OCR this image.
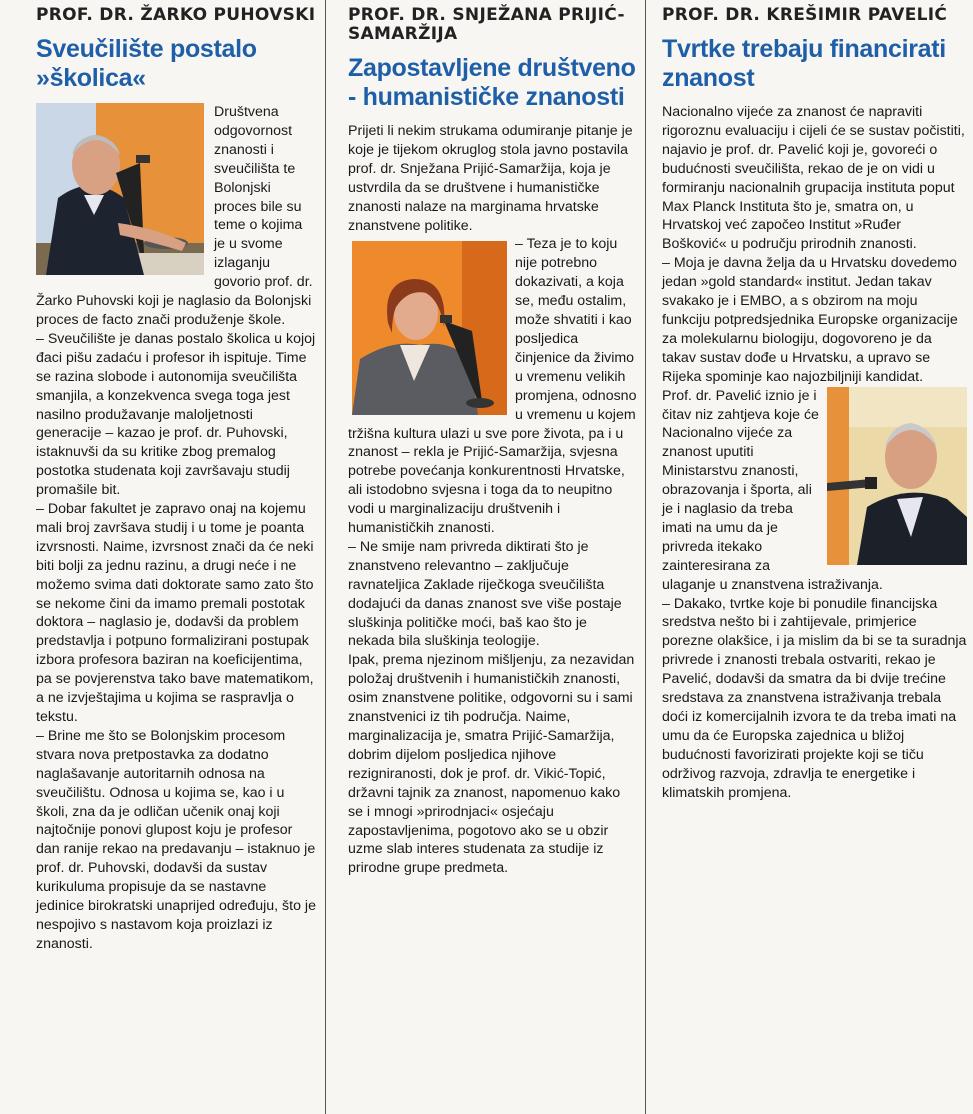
PROF. DR. ŽARKO PUHOVSKI
Sveučilište postalo »školica«

Društvena odgovornost znanosti i sveučilišta te Bolonjski proces bile su teme o kojima je u svome izlaganju govorio prof. dr. Žarko Puhovski koji je naglasio da Bolonjski proces de facto znači produženje škole.

– Sveučilište je danas postalo školica u kojoj đaci pišu zadaću i profesor ih ispituje. Time se razina slobode i autonomija sveučilišta smanjila, a konzekvenca svega toga jest nasilno produžavanje maloljetnosti generacije – kazao je prof. dr. Puhovski, istaknuvši da su kritike zbog premalog postotka studenata koji završavaju studij promašile bit.

– Dobar fakultet je zapravo onaj na kojemu mali broj završava studij i u tome je poanta izvrsnosti. Naime, izvrsnost znači da će neki biti bolji za jednu razinu, a drugi neće i ne možemo svima dati doktorate samo zato što se nekome čini da imamo premali postotak doktora – naglasio je, dodavši da problem predstavlja i potpuno formalizirani postupak izbora profesora baziran na koeficijentima, pa se povjerenstva tako bave matematikom, a ne izvještajima u kojima se raspravlja o tekstu.

– Brine me što se Bolonjskim procesom stvara nova pretpostavka za dodatno naglašavanje autoritarnih odnosa na sveučilištu. Odnosa u kojima se, kao i u školi, zna da je odličan učenik onaj koji najtočnije ponovi glupost koju je profesor dan ranije rekao na predavanju – istaknuo je prof. dr. Puhovski, dodavši da sustav kurikuluma propisuje da se nastavne jedinice birokratski unaprijed određuju, što je nespojivo s nastavom koja proizlazi iz znanosti.

PROF. DR. SNJEŽANA PRIJIĆ-SAMARŽIJA
Zapostavljene društveno - humanističke znanosti

Prijeti li nekim strukama odumiranje pitanje je koje je tijekom okruglog stola javno postavila prof. dr. Snježana Prijić-Samaržija, koja je ustvrdila da se društvene i humanističke znanosti nalaze na marginama hrvatske znanstvene politike.

– Teza je to koju nije potrebno dokazivati, a koja se, među ostalim, može shvatiti i kao posljedica činjenice da živimo u vremenu velikih promjena, odnosno u vremenu u kojem tržišna kultura ulazi u sve pore života, pa i u znanost – rekla je Prijić-Samaržija, svjesna potrebe povećanja konkurentnosti Hrvatske, ali istodobno svjesna i toga da to neupitno vodi u marginalizaciju društvenih i humanističkih znanosti.

– Ne smije nam privreda diktirati što je znanstveno relevantno – zaključuje ravnateljica Zaklade riječkoga sveučilišta dodajući da danas znanost sve više postaje sluškinja političke moći, baš kao što je nekada bila sluškinja teologije.

Ipak, prema njezinom mišljenju, za nezavidan položaj društvenih i humanističkih znanosti, osim znanstvene politike, odgovorni su i sami znanstvenici iz tih područja. Naime, marginalizacija je, smatra Prijić-Samaržija, dobrim dijelom posljedica njihove rezigniranosti, dok je prof. dr. Vikić-Topić, državni tajnik za znanost, napomenuo kako se i mnogi »prirodnjaci« osjećaju zapostavljenima, pogotovo ako se u obzir uzme slab interes studenata za studije iz prirodne grupe predmeta.

PROF. DR. KREŠIMIR PAVELIĆ
Tvrtke trebaju financirati znanost

Nacionalno vijeće za znanost će napraviti rigoroznu evaluaciju i cijeli će se sustav počistiti, najavio je prof. dr. Pavelić koji je, govoreći o budućnosti sveučilišta, rekao de je on vidi u formiranju nacionalnih grupacija instituta poput Max Planck Instituta što je, smatra on, u Hrvatskoj već započeo Institut »Ruđer Bošković« u području prirodnih znanosti.

– Moja je davna želja da u Hrvatsku dovedemo jedan »gold standard« institut. Jedan takav svakako je i EMBO, a s obzirom na moju funkciju potpredsjednika Europske organizacije za molekularnu biologiju, dogovoreno je da takav sustav dođe u Hrvatsku, a upravo se Rijeka spominje kao najozbiljniji kandidat.

Prof. dr. Pavelić iznio je i čitav niz zahtjeva koje će Nacionalno vijeće za znanost uputiti Ministarstvu znanosti, obrazovanja i športa, ali je i naglasio da treba imati na umu da je privreda itekako zainteresirana za ulaganje u znanstvena istraživanja.

– Dakako, tvrtke koje bi ponudile financijska sredstva nešto bi i zahtijevale, primjerice porezne olakšice, i ja mislim da bi se ta suradnja privrede i znanosti trebala ostvariti, rekao je Pavelić, dodavši da smatra da bi dvije trećine sredstava za znanstvena istraživanja trebala doći iz komercijalnih izvora te da treba imati na umu da će Europska zajednica u bližoj budućnosti favorizirati projekte koji se tiču održivog razvoja, zdravlja te energetike i klimatskih promjena.
